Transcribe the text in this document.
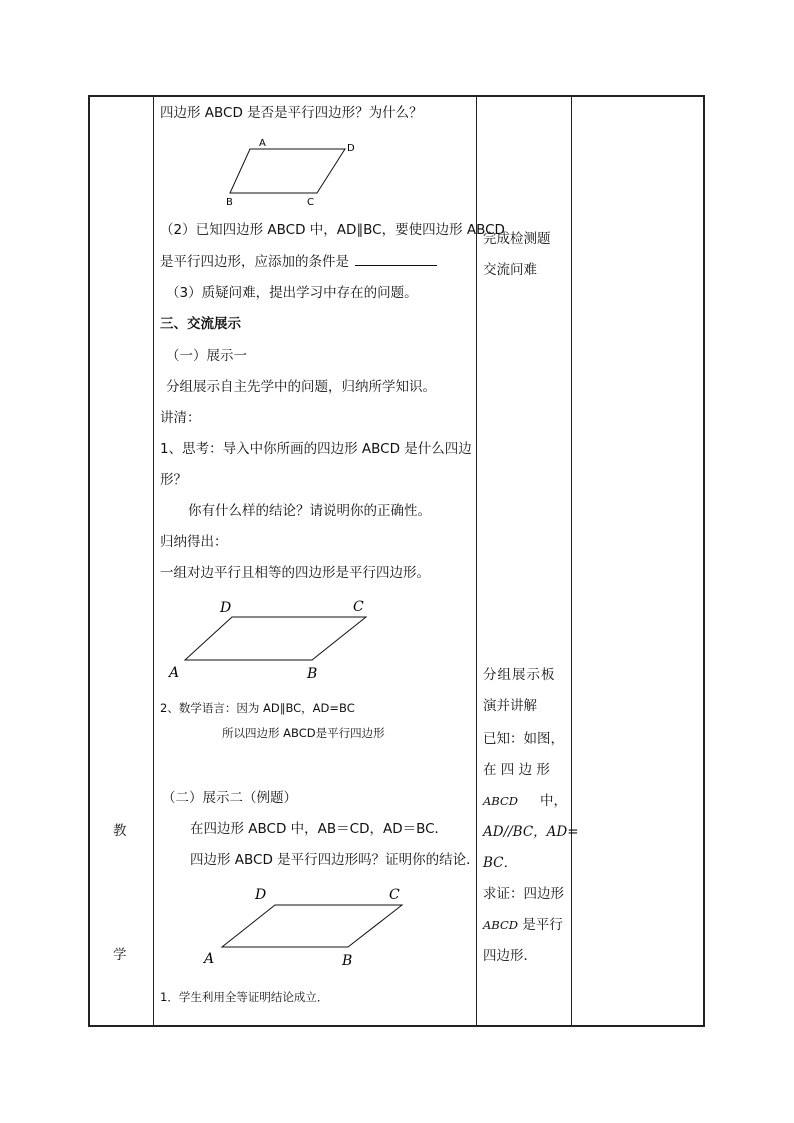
教
学
四边形 ABCD 是否是平行四边形？为什么？
A	D
B	C
（2）已知四边形 ABCD 中，AD∥BC，要使四边形 ABCD
是平行四边形，应添加的条件是
（3）质疑问难，提出学习中存在的问题。
三、交流展示
（一）展示一
分组展示自主先学中的问题，归纳所学知识。
讲清：
1、思考：导入中你所画的四边形 ABCD 是什么四边
形？
你有什么样的结论？请说明你的正确性。
归纳得出：
一组对边平行且相等的四边形是平行四边形。
D	C
A	B
2、数学语言：因为 AD∥BC，AD=BC
所以四边形 ABCD是平行四边形
（二）展示二（例题）
在四边形 ABCD 中，AB＝CD，AD＝BC．
四边形 ABCD 是平行四边形吗？证明你的结论．
D	C
A	B
1．学生利用全等证明结论成立．
完成检测题
交流问难
分组展示板
演并讲解
已知：如图，
在 四 边 形
ABCD 中，
AD//BC，AD=
BC．
求证：四边形
ABCD 是平行
四边形．
